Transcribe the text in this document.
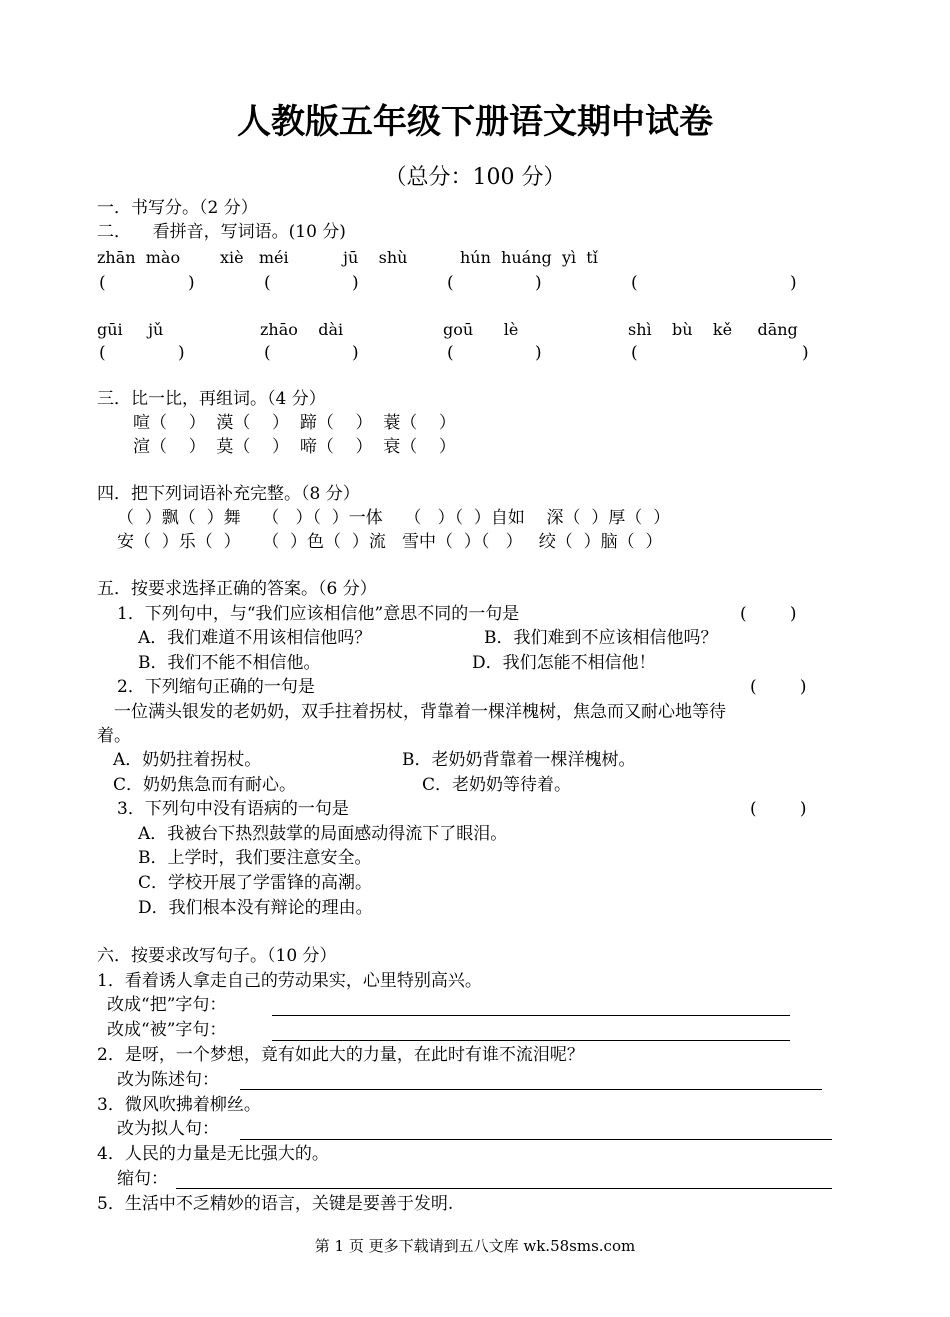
人教版五年级下册语文期中试卷
（总分：100 分）
一．书写分。（2 分）
二．    看拼音，写词语。(10 分)
zhān  mào xiè   méi	jū    shù	hún  huáng  yì  tǐ
(	)	(	)	(	)	(	)
gūi     jǔ	zhāo    dài	goū      lè	shì    bù    kě     dāng
(	)	(	)	(	)	(	)
三．比一比，再组词。（4 分）
喧（    ）  漠（    ）  蹄（    ）  蓑（    ）
渲（    ）  莫（    ）  啼（    ）  衰（    ）
四．把下列词语补充完整。（8 分）
（  ）飘（  ）舞    （   ）（  ）一体    （   ）（  ）自如    深（  ）厚（  ）
安（  ）乐（  ）    （  ）色（  ）流   雪中（  ）（   ）   绞（  ）脑（  ）
五．按要求选择正确的答案。（6 分）
1．下列句中，与“我们应该相信他”意思不同的一句是	(        )
A．我们难道不用该相信他吗？	B．我们难到不应该相信他吗？
B．我们不能不相信他。	D．我们怎能不相信他！
2．下列缩句正确的一句是	(        )
一位满头银发的老奶奶，双手拄着拐杖，背靠着一棵洋槐树，焦急而又耐心地等待
着。
A．奶奶拄着拐杖。	B．老奶奶背靠着一棵洋槐树。
C．奶奶焦急而有耐心。	C．老奶奶等待着。
3．下列句中没有语病的一句是	(        )
A．我被台下热烈鼓掌的局面感动得流下了眼泪。
B．上学时，我们要注意安全。
C．学校开展了学雷锋的高潮。
D．我们根本没有辩论的理由。
六．按要求改写句子。（10 分）
1．看着诱人拿走自己的劳动果实，心里特别高兴。
改成“把”字句：
改成“被”字句：
2．是呀，一个梦想，竟有如此大的力量，在此时有谁不流泪呢？
改为陈述句：
3．微风吹拂着柳丝。
改为拟人句：
4．人民的力量是无比强大的。
缩句：
5．生活中不乏精妙的语言，关键是要善于发明.
第 1 页 更多下载请到五八文库 wk.58sms.com
